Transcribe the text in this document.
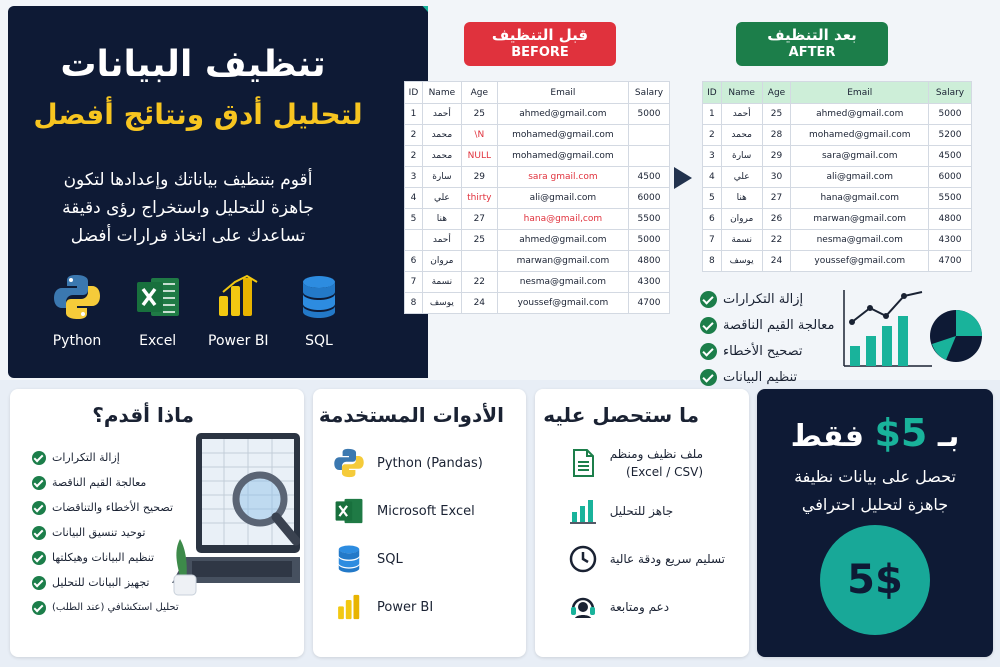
تنظيف البيانات
لتحليل أدق ونتائج أفضل
أقوم بتنظيف بياناتك وإعدادها لتكون
جاهزة للتحليل واستخراج رؤى دقيقة
تساعدك على اتخاذ قرارات أفضل
Python	Excel	Power BI	SQL
قبل التنظيف
BEFORE
بعد التنظيف
AFTER
ID	Name	Age	Email	Salary
1	أحمد	25	ahmed@gmail.com	5000
2	محمد	\N	mohamed@gmail.com	
2	محمد	NULL	mohamed@gmail.com	
3	سارة	29	sara gmail.com	4500
4	علي	thirty	ali@gmail.com	6000
5	هنا	27	hana@gmail,com	5500
	أحمد	25	ahmed@gmail.com	5000
6	مروان		marwan@gmail.com	4800
7	نسمة	22	nesma@gmail.com	4300
8	يوسف	24	youssef@gmail.com	4700
ID	Name	Age	Email	Salary
1	أحمد	25	ahmed@gmail.com	5000
2	محمد	28	mohamed@gmail.com	5200
3	سارة	29	sara@gmail.com	4500
4	علي	30	ali@gmail.com	6000
5	هنا	27	hana@gmail.com	5500
6	مروان	26	marwan@gmail.com	4800
7	نسمة	22	nesma@gmail.com	4300
8	يوسف	24	youssef@gmail.com	4700
إزالة التكرارات
معالجة القيم الناقصة
تصحيح الأخطاء
تنظيم البيانات
ماذا أقدم؟
إزالة التكرارات
معالجة القيم الناقصة
تصحيح الأخطاء والتناقضات
توحيد تنسيق البيانات
تنظيم البيانات وهيكلتها
تجهيز البيانات للتحليل
تحليل استكشافي (عند الطلب)
الأدوات المستخدمة
Python (Pandas)
Microsoft Excel
SQL
Power BI
ما ستحصل عليه
ملف نظيف ومنظم
(Excel / CSV)
جاهز للتحليل
تسليم سريع ودقة عالية
دعم ومتابعة
بـ 5$ فقط
تحصل على بيانات نظيفة
جاهزة لتحليل احترافي
5$
